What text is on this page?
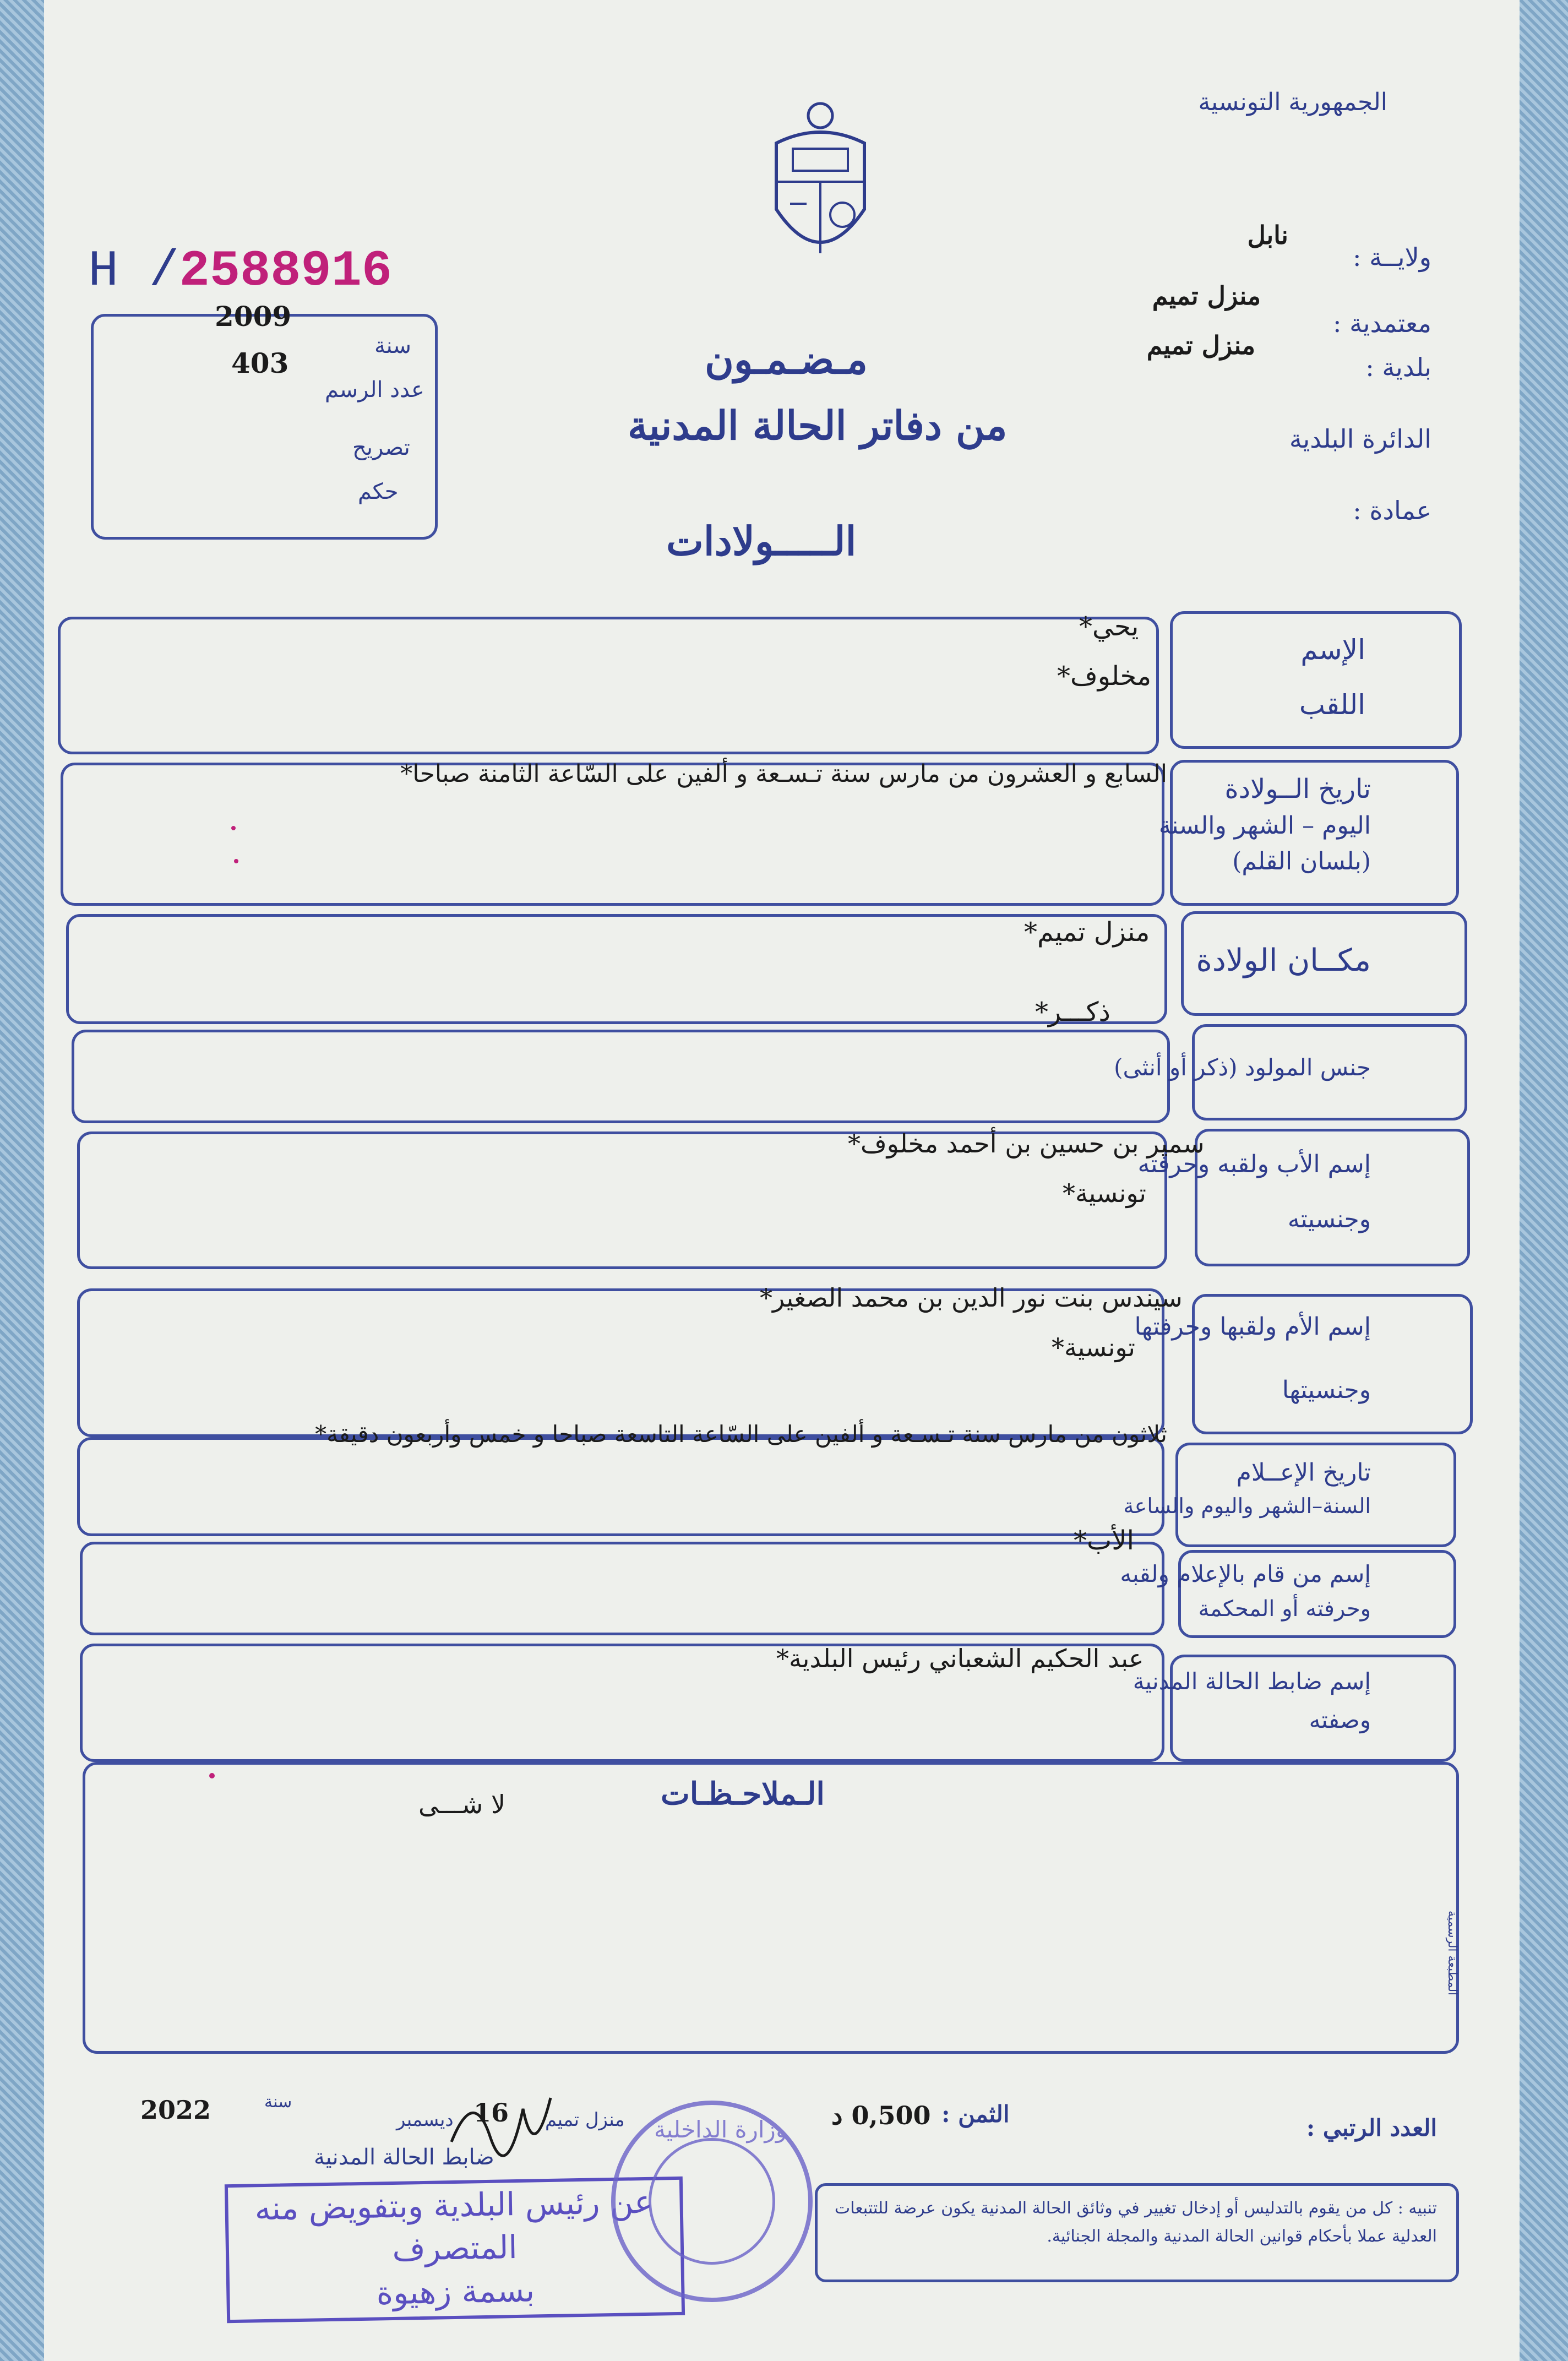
الجمهورية التونسية
ولايــة :
نابل
معتمدية :
منزل تميم
بلدية :
منزل تميم
الدائرة البلدية
عمادة :
H /2588916
2009
403
سنة
عدد الرسم
تصريح
حكم
مـضـمـون
من دفاتر الحالة المدنية
الـــــولادات
الإسم
اللقب
يحي*
مخلوف*
تاريخ الــولادة
اليوم – الشهر والسنة
(بلسان القلم)
السابع و العشرون من مارس سنة تـسـعة و ألفين على السّاعة الثامنة صباحا*
مكــان الولادة
منزل تميم*
جنس المولود (ذكر أو أنثى)
ذكـــر*
إسم الأب ولقبه وحرفته
وجنسيته
سمير بن حسين بن أحمد مخلوف*
تونسية*
إسم الأم ولقبها وحرفتها
وجنسيتها
سيندس بنت نور الدين بن محمد الصغير*
تونسية*
تاريخ الإعــلام
السنة–الشهر واليوم والساعة
ثلاثون من مارس سنة تـسـعة و ألفين على السّاعة التاسعة صباحا و خمس وأربعون دقيقة*
إسم من قام بالإعلام ولقبه
وحرفته أو المحكمة
الأب*
إسم ضابط الحالة المدنية
وصفته
عبد الحكيم الشعباني رئيس البلدية*
الـملاحـظـات
لا شـــى
المطبعة الرسمية
العدد الرتبي :
الثمن :
0,500 د
منزل تميم
16
ديسمبر
سنة
2022
ضابط الحالة المدنية
تنبيه : كل من يقوم بالتدليس أو إدخال تغيير في وثائق الحالة المدنية يكون عرضة للتتبعات العدلية عملا بأحكام قوانين الحالة المدنية والمجلة الجنائية.
عن رئيس البلدية وبتفويض منه
المتصرف
بسمة زهيوة
وزارة الداخلية
